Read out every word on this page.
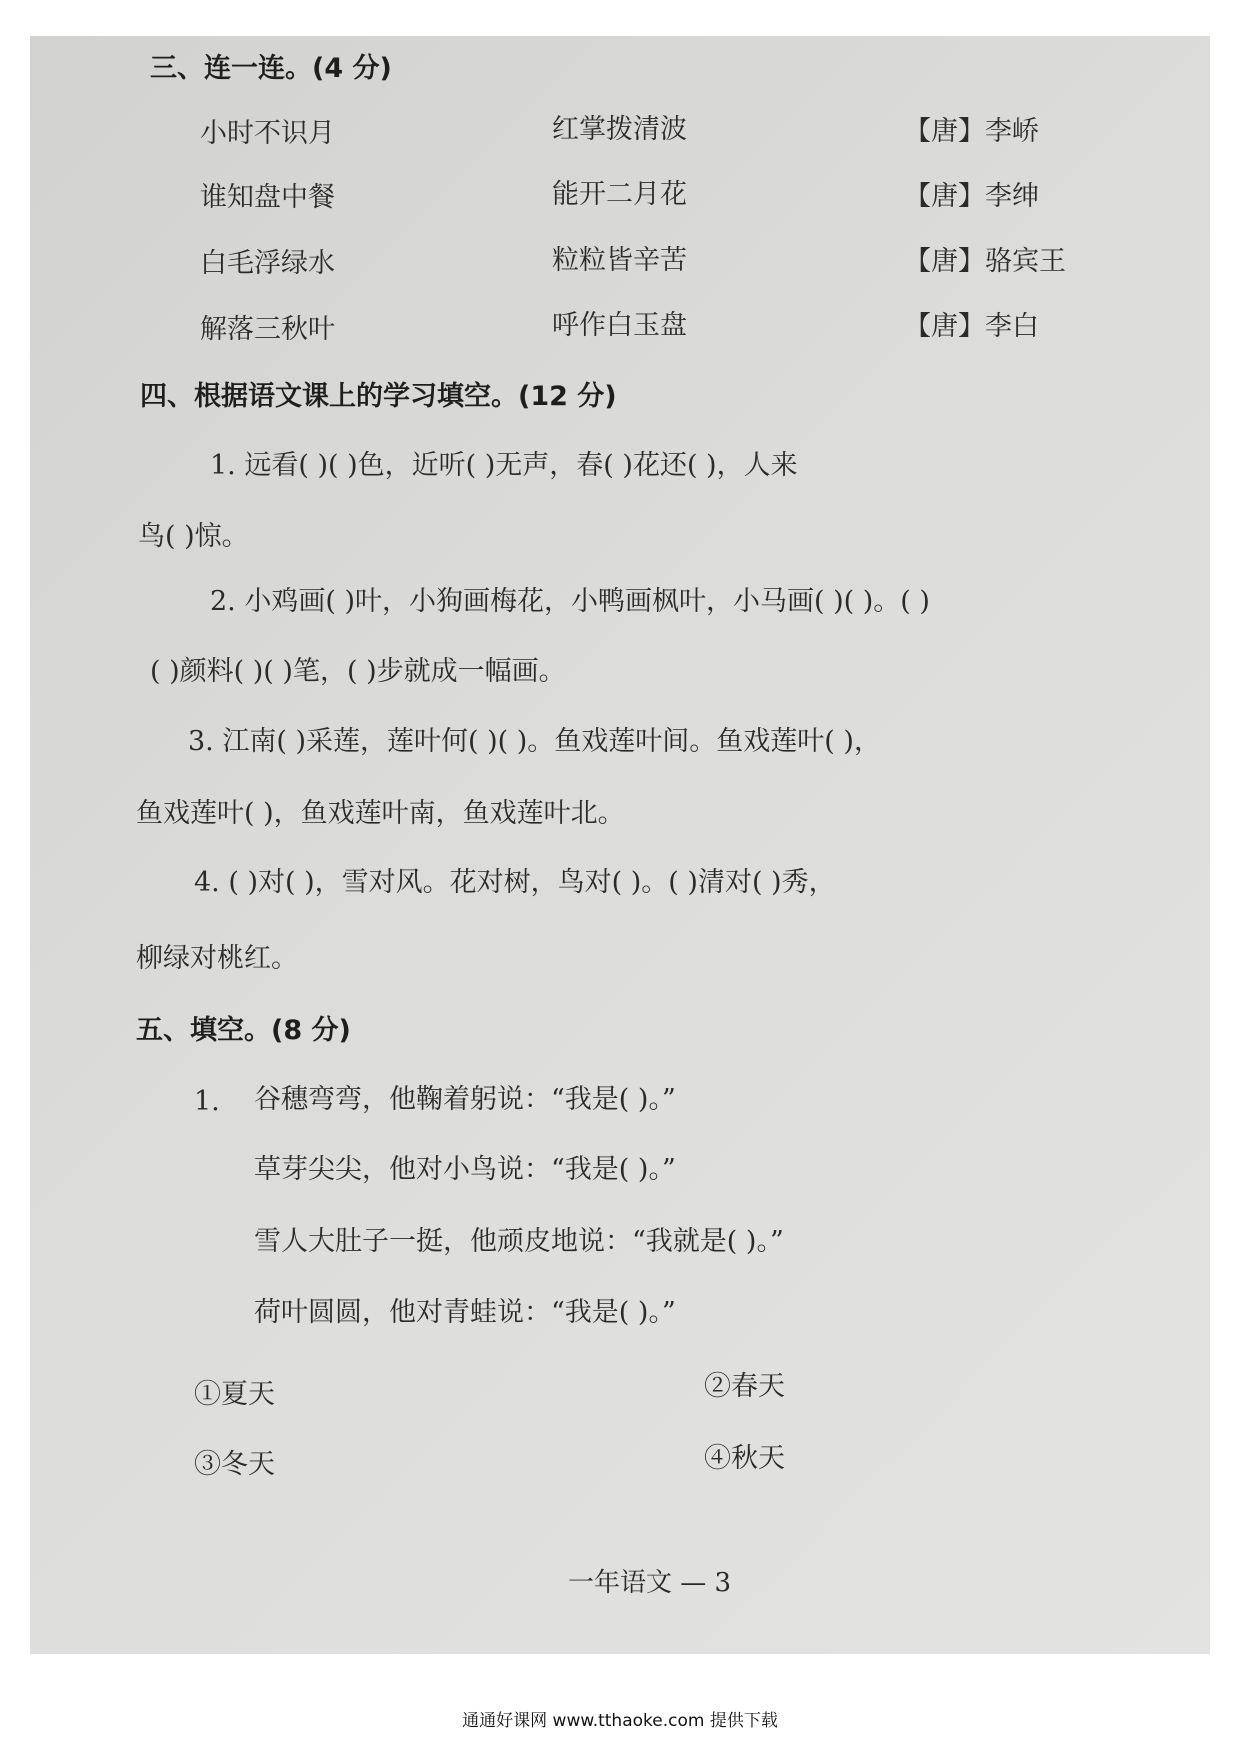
三、连一连。(4 分)
小时不识月
谁知盘中餐
白毛浮绿水
解落三秋叶
红掌拨清波
能开二月花
粒粒皆辛苦
呼作白玉盘
【唐】李峤
【唐】李绅
【唐】骆宾王
【唐】李白
四、根据语文课上的学习填空。(12 分)
1. 远看( )( )色，近听( )无声，春( )花还( )，人来
鸟( )惊。
2. 小鸡画( )叶，小狗画梅花，小鸭画枫叶，小马画( )( )。( )
( )颜料( )( )笔，( )步就成一幅画。
3. 江南( )采莲，莲叶何( )( )。鱼戏莲叶间。鱼戏莲叶( )，
鱼戏莲叶( )，鱼戏莲叶南，鱼戏莲叶北。
4. ( )对( )，雪对风。花对树，鸟对( )。( )清对( )秀，
柳绿对桃红。
五、填空。(8 分)
1. 谷穗弯弯，他鞠着躬说：“我是( )。”
草芽尖尖，他对小鸟说：“我是( )。”
雪人大肚子一挺，他顽皮地说：“我就是( )。”
荷叶圆圆，他对青蛙说：“我是( )。”
①夏天	②春天
③冬天	④秋天
一年语文 — 3
通通好课网 www.tthaoke.com 提供下载
